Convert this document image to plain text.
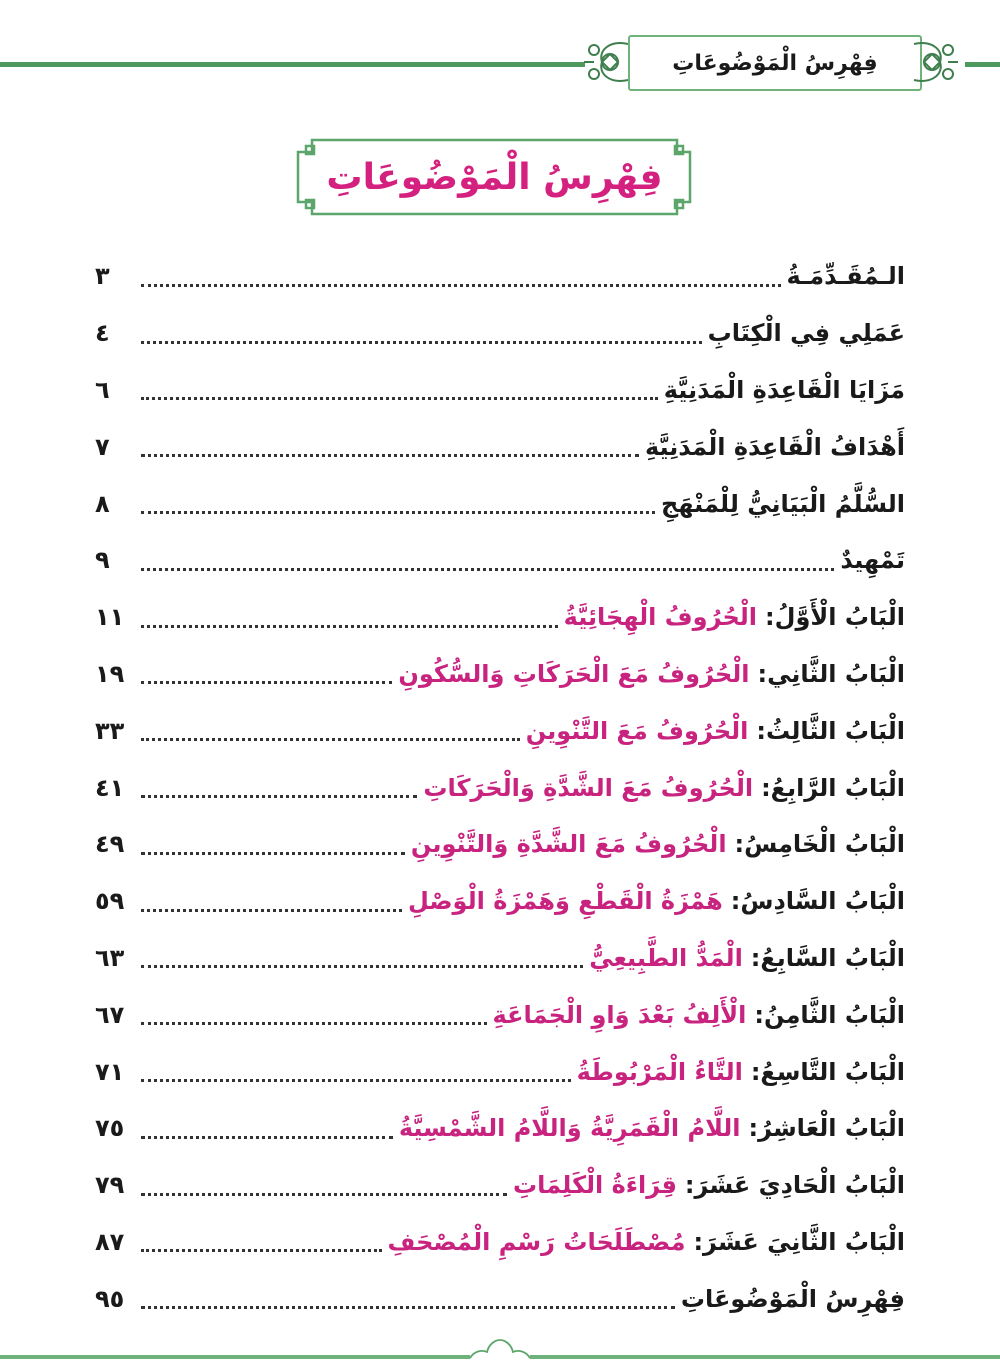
فِهْرِسُ الْمَوْضُوعَاتِ
فِهْرِسُ الْمَوْضُوعَاتِ
الـمُقَـدِّمَـةُ
٣
عَمَلِي فِي الْكِتَابِ
٤
مَزَايَا الْقَاعِدَةِ الْمَدَنِيَّةِ
٦
أَهْدَافُ الْقَاعِدَةِ الْمَدَنِيَّةِ
٧
السُّلَّمُ الْبَيَانِيُّ لِلْمَنْهَجِ
٨
تَمْهِيدٌ
٩
الْبَابُ الْأَوَّلُ:
الْحُرُوفُ الْهِجَائِيَّةُ
١١
الْبَابُ الثَّانِي:
الْحُرُوفُ مَعَ الْحَرَكَاتِ وَالسُّكُونِ
١٩
الْبَابُ الثَّالِثُ:
الْحُرُوفُ مَعَ التَّنْوِينِ
٣٣
الْبَابُ الرَّابِعُ:
الْحُرُوفُ مَعَ الشَّدَّةِ وَالْحَرَكَاتِ
٤١
الْبَابُ الْخَامِسُ:
الْحُرُوفُ مَعَ الشَّدَّةِ وَالتَّنْوِينِ
٤٩
الْبَابُ السَّادِسُ:
هَمْزَةُ الْقَطْعِ وَهَمْزَةُ الْوَصْلِ
٥٩
الْبَابُ السَّابِعُ:
الْمَدُّ الطَّبِيعِيُّ
٦٣
الْبَابُ الثَّامِنُ:
الْأَلِفُ بَعْدَ وَاوِ الْجَمَاعَةِ
٦٧
الْبَابُ التَّاسِعُ:
التَّاءُ الْمَرْبُوطَةُ
٧١
الْبَابُ الْعَاشِرُ:
اللَّامُ الْقَمَرِيَّةُ وَاللَّامُ الشَّمْسِيَّةُ
٧٥
الْبَابُ الْحَادِيَ عَشَرَ:
قِرَاءَةُ الْكَلِمَاتِ
٧٩
الْبَابُ الثَّانِيَ عَشَرَ:
مُصْطَلَحَاتُ رَسْمِ الْمُصْحَفِ
٨٧
فِهْرِسُ الْمَوْضُوعَاتِ
٩٥
